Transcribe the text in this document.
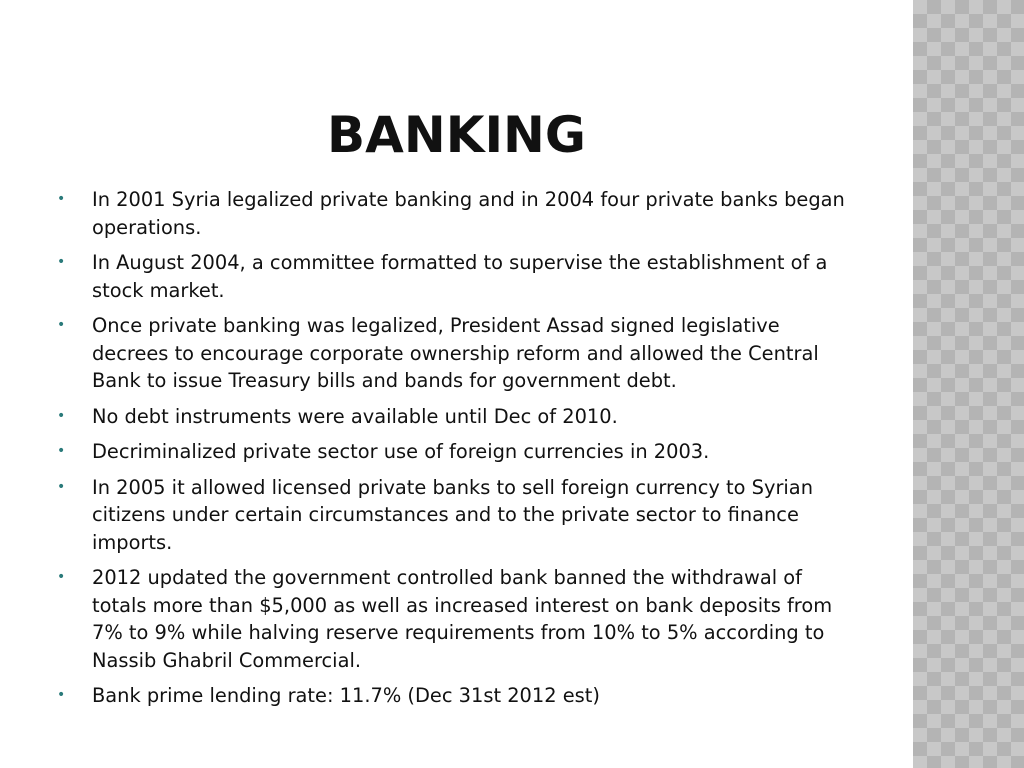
BANKING
• In 2001 Syria legalized private banking and in 2004 four private banks began operations.
• In August 2004, a committee formatted to supervise the establishment of a stock market.
• Once private banking was legalized, President Assad signed legislative decrees to encourage corporate ownership reform and allowed the Central Bank to issue Treasury bills and bands for government debt.
• No debt instruments were available until Dec of 2010.
• Decriminalized private sector use of foreign currencies in 2003.
• In 2005 it allowed licensed private banks to sell foreign currency to Syrian citizens under certain circumstances and to the private sector to finance imports.
• 2012 updated the government controlled bank banned the withdrawal of totals more than $5,000 as well as increased interest on bank deposits from 7% to 9% while halving reserve requirements from 10% to 5% according to Nassib Ghabril Commercial.
• Bank prime lending rate: 11.7% (Dec 31st 2012 est)
